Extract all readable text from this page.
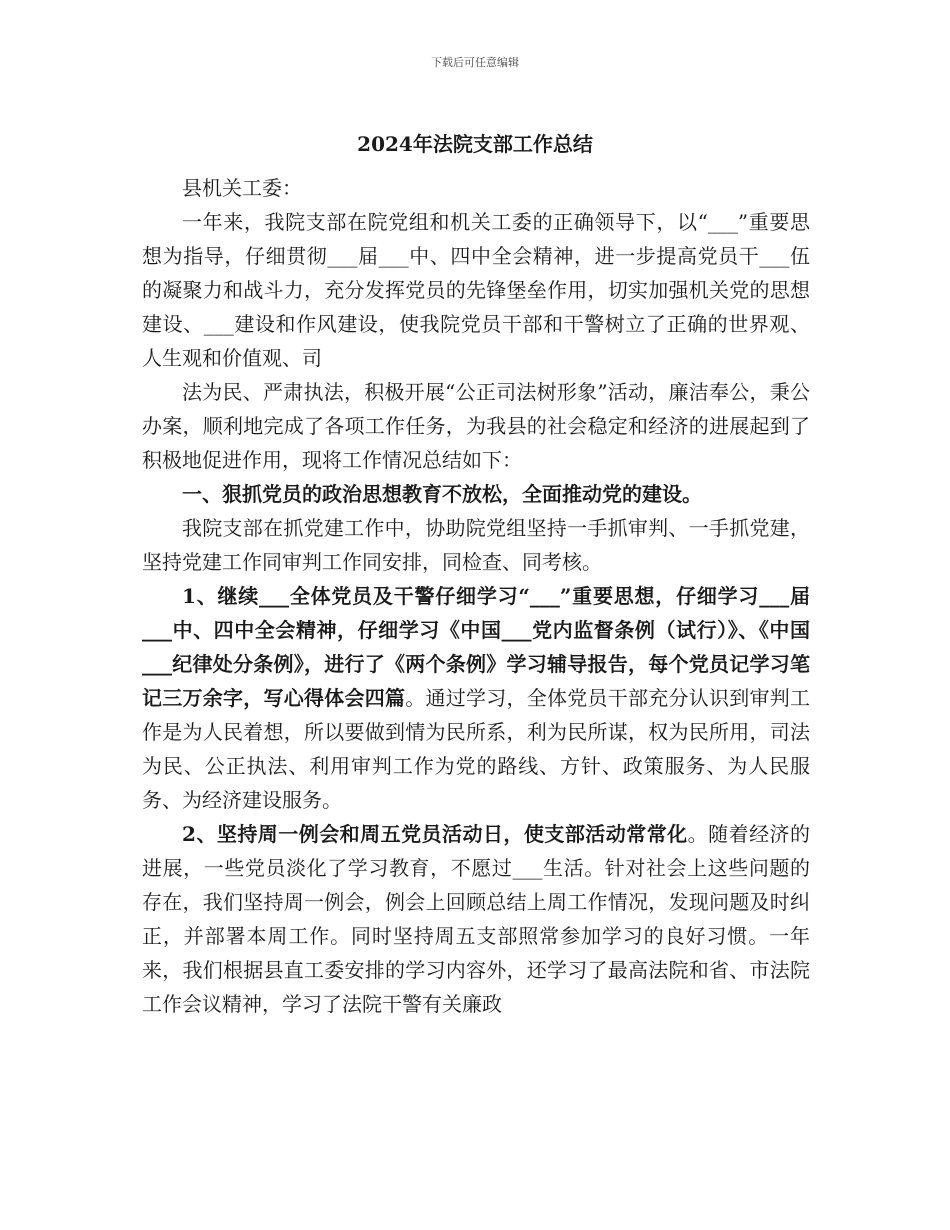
下载后可任意编辑
2024年法院支部工作总结

县机关工委：

一年来，我院支部在院党组和机关工委的正确领导下，以“___”重要思想为指导，仔细贯彻___届___中、四中全会精神，进一步提高党员干___伍的凝聚力和战斗力，充分发挥党员的先锋堡垒作用，切实加强机关党的思想建设、___建设和作风建设，使我院党员干部和干警树立了正确的世界观、人生观和价值观、司

法为民、严肃执法，积极开展“公正司法树形象”活动，廉洁奉公，秉公办案，顺利地完成了各项工作任务，为我县的社会稳定和经济的进展起到了积极地促进作用，现将工作情况总结如下：

一、狠抓党员的政治思想教育不放松，全面推动党的建设。

我院支部在抓党建工作中，协助院党组坚持一手抓审判、一手抓党建，坚持党建工作同审判工作同安排，同检查、同考核。

1、继续___全体党员及干警仔细学习“___”重要思想，仔细学习___届___中、四中全会精神，仔细学习《中国___党内监督条例（试行）》、《中国___纪律处分条例》，进行了《两个条例》学习辅导报告，每个党员记学习笔记三万余字，写心得体会四篇。通过学习，全体党员干部充分认识到审判工作是为人民着想，所以要做到情为民所系，利为民所谋，权为民所用，司法为民、公正执法、利用审判工作为党的路线、方针、政策服务、为人民服务、为经济建设服务。

2、坚持周一例会和周五党员活动日，使支部活动常常化。随着经济的进展，一些党员淡化了学习教育，不愿过___生活。针对社会上这些问题的存在，我们坚持周一例会，例会上回顾总结上周工作情况，发现问题及时纠正，并部署本周工作。同时坚持周五支部照常参加学习的良好习惯。一年来，我们根据县直工委安排的学习内容外，还学习了最高法院和省、市法院工作会议精神，学习了法院干警有关廉政
